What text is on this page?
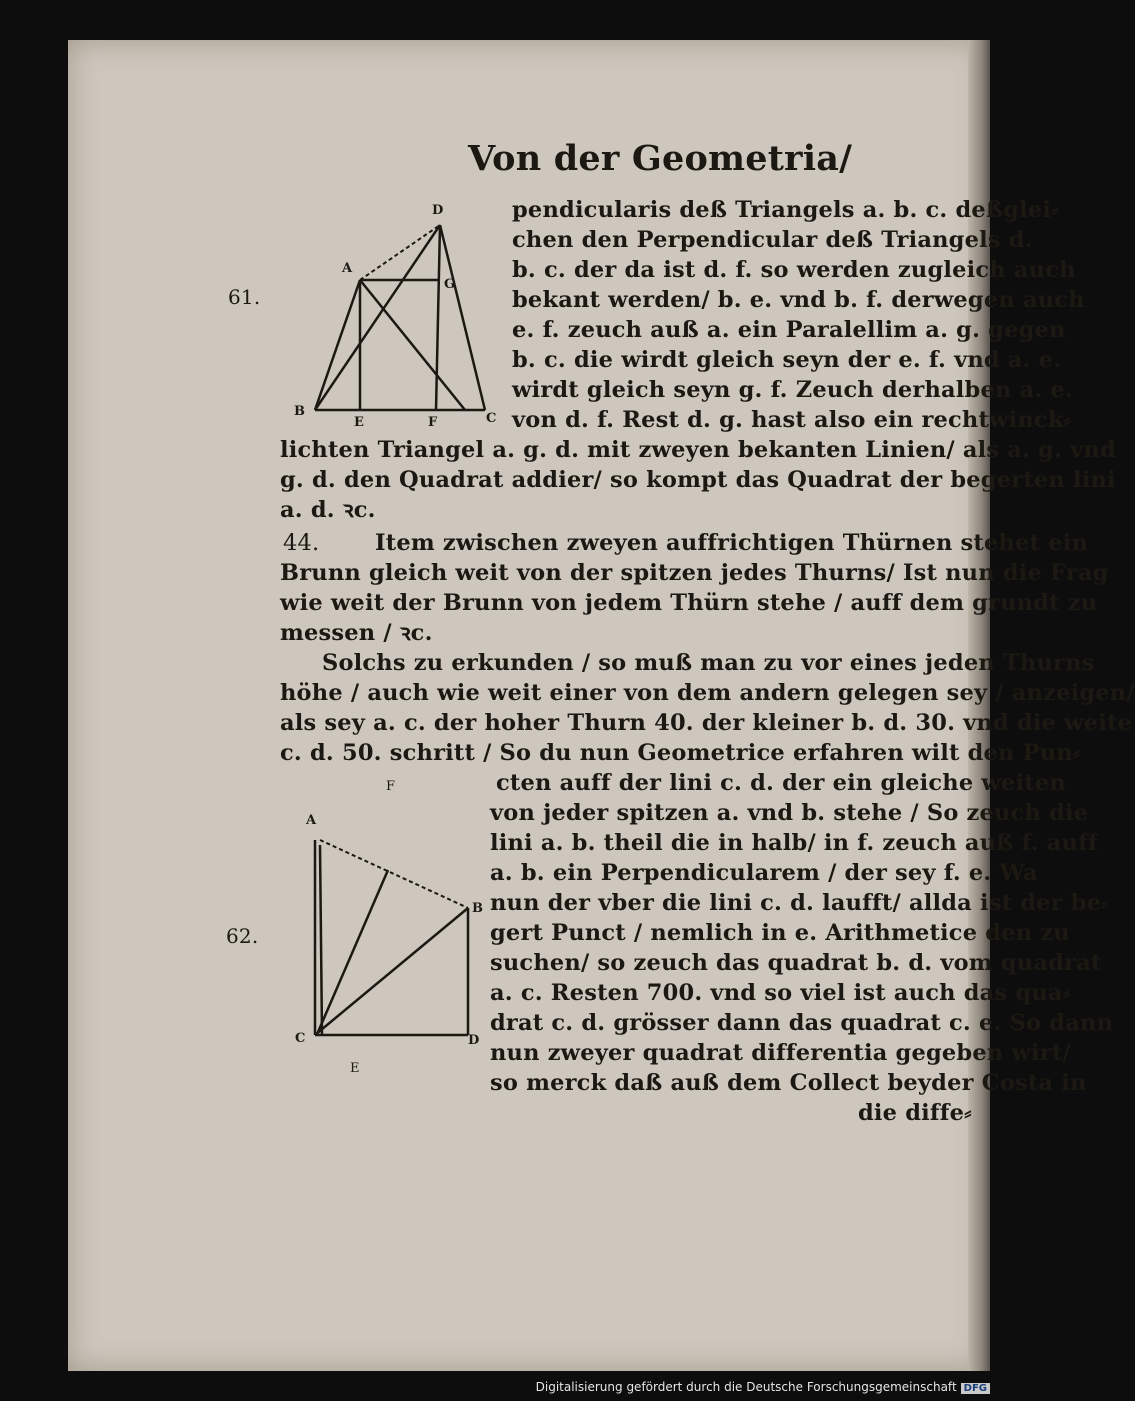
Von der Geometria/
61.
62.
D
A
G
B
E	F	C
pendicularis deß Triangels a. b. c. deßglei⸗
chen den Perpendicular deß Triangels d.
b. c. der da ist d. f. so werden zugleich auch
bekant werden/ b. e. vnd b. f. derwegen auch
e. f. zeuch auß a. ein Paralellim a. g. gegen
b. c. die wirdt gleich seyn der e. f. vnd a. e.
wirdt gleich seyn g. f. Zeuch derhalben a. e.
von d. f. Rest d. g. hast also ein rechtwinck⸗
lichten Triangel a. g. d. mit zweyen bekanten Linien/ als a. g. vnd
g. d. den Quadrat addier/ so kompt das Quadrat der begerten lini
a. d. ꝛc.
44.	Item zwischen zweyen auffrichtigen Thürnen stehet ein
Brunn gleich weit von der spitzen jedes Thurns/ Ist nun die Frag
wie weit der Brunn von jedem Thürn stehe / auff dem grundt zu
messen / ꝛc.
Solchs zu erkunden / so muß man zu vor eines jeden Thurns
höhe / auch wie weit einer von dem andern gelegen sey / anzeigen/
als sey a. c. der hoher Thurn 40. der kleiner b. d. 30. vnd die weite
c. d. 50. schritt / So du nun Geometrice erfahren wilt den Pun⸗
F
A
B
C	D
E
cten auff der lini c. d. der ein gleiche weiten
von jeder spitzen a. vnd b. stehe / So zeuch die
lini a. b. theil die in halb/ in f. zeuch auß f. auff
a. b. ein Perpendicularem / der sey f. e. Wa
nun der vber die lini c. d. laufft/ allda ist der be⸗
gert Punct / nemlich in e. Arithmetice den zu
suchen/ so zeuch das quadrat b. d. vom quadrat
a. c. Resten 700. vnd so viel ist auch das qua⸗
drat c. d. grösser dann das quadrat c. e. So dann
nun zweyer quadrat differentia gegeben wirt/
so merck daß auß dem Collect beyder Costa in
die diffe⸗
Digitalisierung gefördert durch die Deutsche Forschungsgemeinschaft DFG
